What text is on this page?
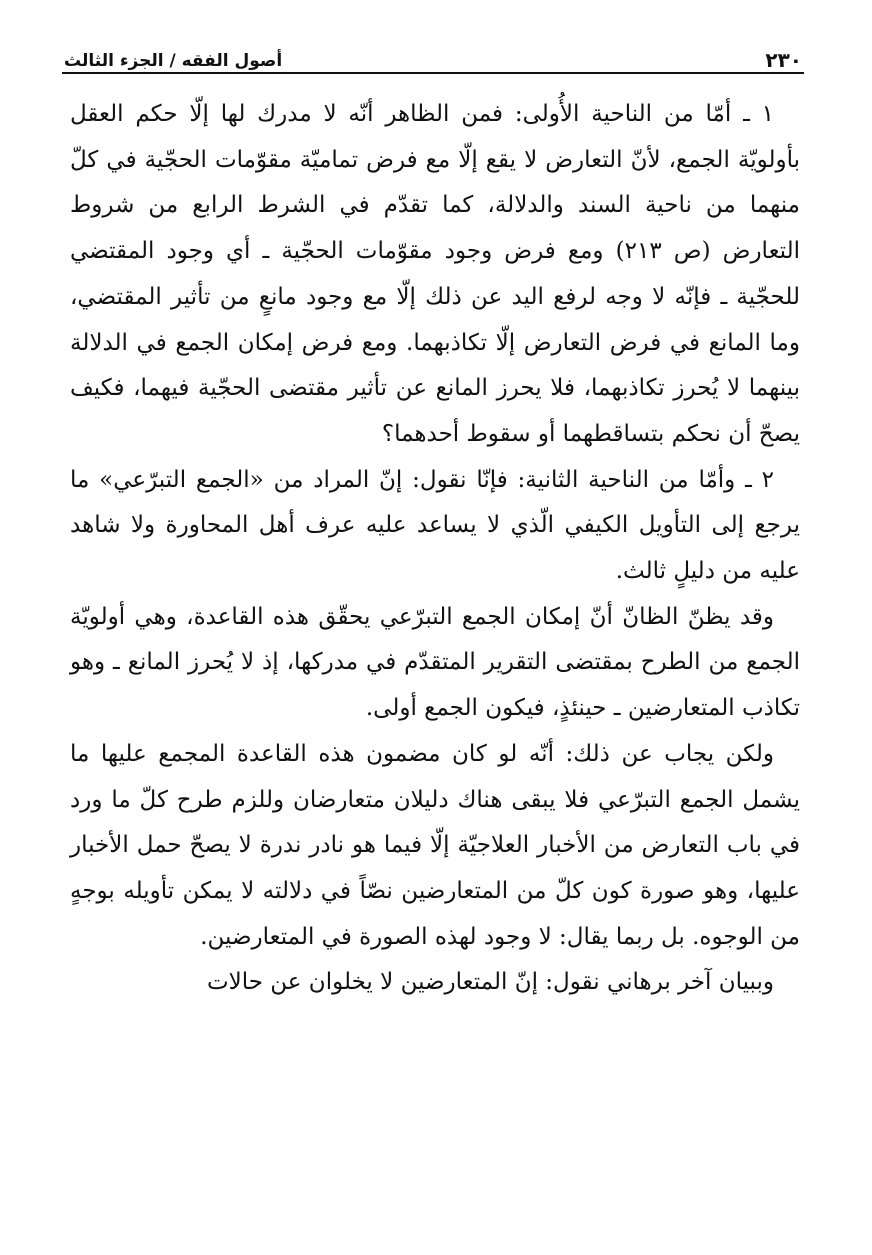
٢٣٠
أصول الفقه / الجزء الثالث

١ ـ أمّا من الناحية الأُولى: فمن الظاهر أنّه لا مدرك لها إلّا حكم العقل بأولويّة الجمع، لأنّ التعارض لا يقع إلّا مع فرض تماميّة مقوّمات الحجّية في كلّ منهما من ناحية السند والدلالة، كما تقدّم في الشرط الرابع من شروط التعارض (ص ٢١٣) ومع فرض وجود مقوّمات الحجّية ـ أي وجود المقتضي للحجّية ـ فإنّه لا وجه لرفع اليد عن ذلك إلّا مع وجود مانعٍ من تأثير المقتضي، وما المانع في فرض التعارض إلّا تكاذبهما. ومع فرض إمكان الجمع في الدلالة بينهما لا يُحرز تكاذبهما، فلا يحرز المانع عن تأثير مقتضى الحجّية فيهما، فكيف يصحّ أن نحكم بتساقطهما أو سقوط أحدهما؟

٢ ـ وأمّا من الناحية الثانية: فإنّا نقول: إنّ المراد من «الجمع التبرّعي» ما يرجع إلى التأويل الكيفي الّذي لا يساعد عليه عرف أهل المحاورة ولا شاهد عليه من دليلٍ ثالث.

وقد يظنّ الظانّ أنّ إمكان الجمع التبرّعي يحقّق هذه القاعدة، وهي أولويّة الجمع من الطرح بمقتضى التقرير المتقدّم في مدركها، إذ لا يُحرز المانع ـ وهو تكاذب المتعارضين ـ حينئذٍ، فيكون الجمع أولى.

ولكن يجاب عن ذلك: أنّه لو كان مضمون هذه القاعدة المجمع عليها ما يشمل الجمع التبرّعي فلا يبقى هناك دليلان متعارضان وللزم طرح كلّ ما ورد في باب التعارض من الأخبار العلاجيّة إلّا فيما هو نادر ندرة لا يصحّ حمل الأخبار عليها، وهو صورة كون كلّ من المتعارضين نصّاً في دلالته لا يمكن تأويله بوجهٍ من الوجوه. بل ربما يقال: لا وجود لهذه الصورة في المتعارضين.

وببيان آخر برهاني نقول: إنّ المتعارضين لا يخلوان عن حالات
